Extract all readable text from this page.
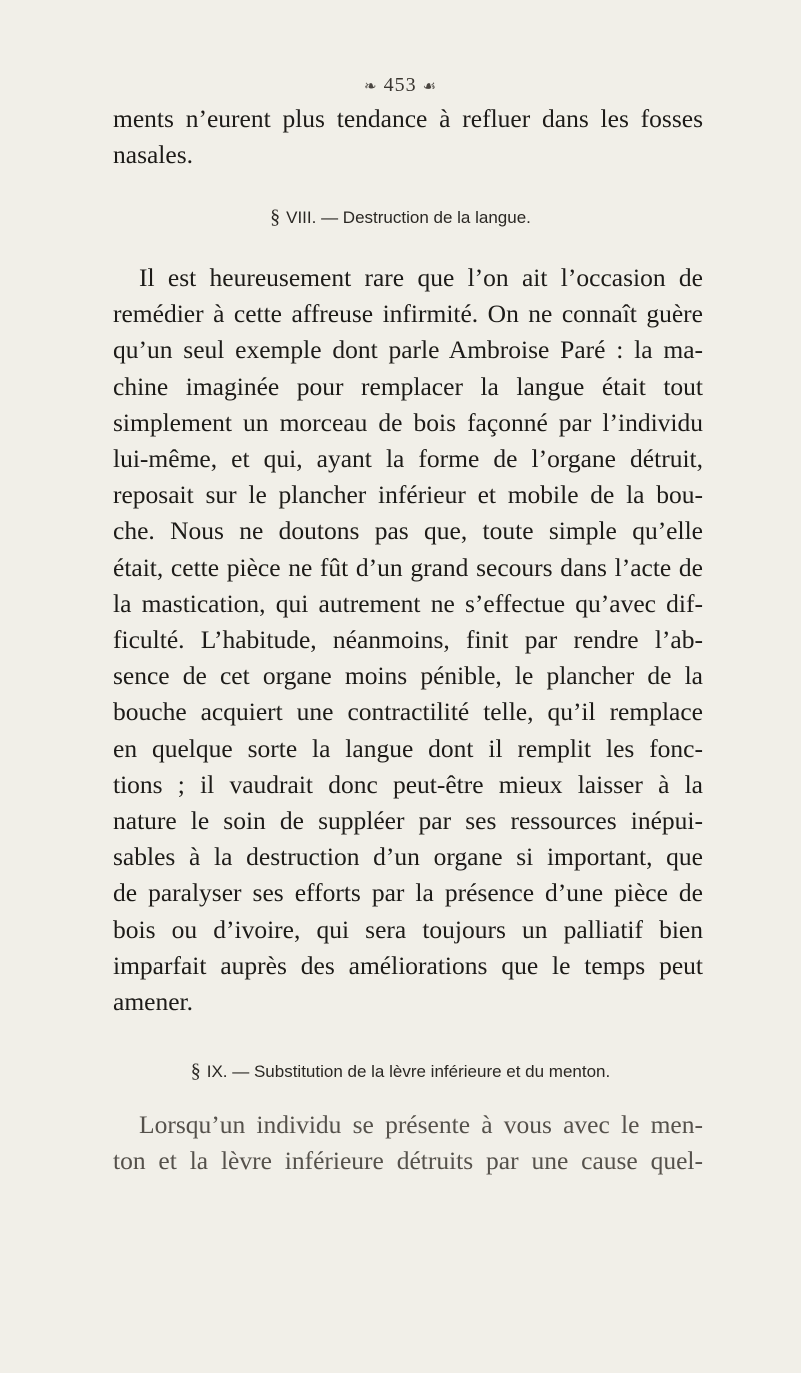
❧ 453 ☙
ments n’eurent plus tendance à refluer dans les fosses
nasales.
§ VIII. — Destruction de la langue.
Il est heureusement rare que l’on ait l’occasion de
remédier à cette affreuse infirmité. On ne connaît guère
qu’un seul exemple dont parle Ambroise Paré : la ma-
chine imaginée pour remplacer la langue était tout
simplement un morceau de bois façonné par l’individu
lui-même, et qui, ayant la forme de l’organe détruit,
reposait sur le plancher inférieur et mobile de la bou-
che. Nous ne doutons pas que, toute simple qu’elle
était, cette pièce ne fût d’un grand secours dans l’acte de
la mastication, qui autrement ne s’effectue qu’avec dif-
ficulté. L’habitude, néanmoins, finit par rendre l’ab-
sence de cet organe moins pénible, le plancher de la
bouche acquiert une contractilité telle, qu’il remplace
en quelque sorte la langue dont il remplit les fonc-
tions ; il vaudrait donc peut-être mieux laisser à la
nature le soin de suppléer par ses ressources inépui-
sables à la destruction d’un organe si important, que
de paralyser ses efforts par la présence d’une pièce de
bois ou d’ivoire, qui sera toujours un palliatif bien
imparfait auprès des améliorations que le temps peut
amener.
§ IX. — Substitution de la lèvre inférieure et du menton.
Lorsqu’un individu se présente à vous avec le men-
ton et la lèvre inférieure détruits par une cause quel-
